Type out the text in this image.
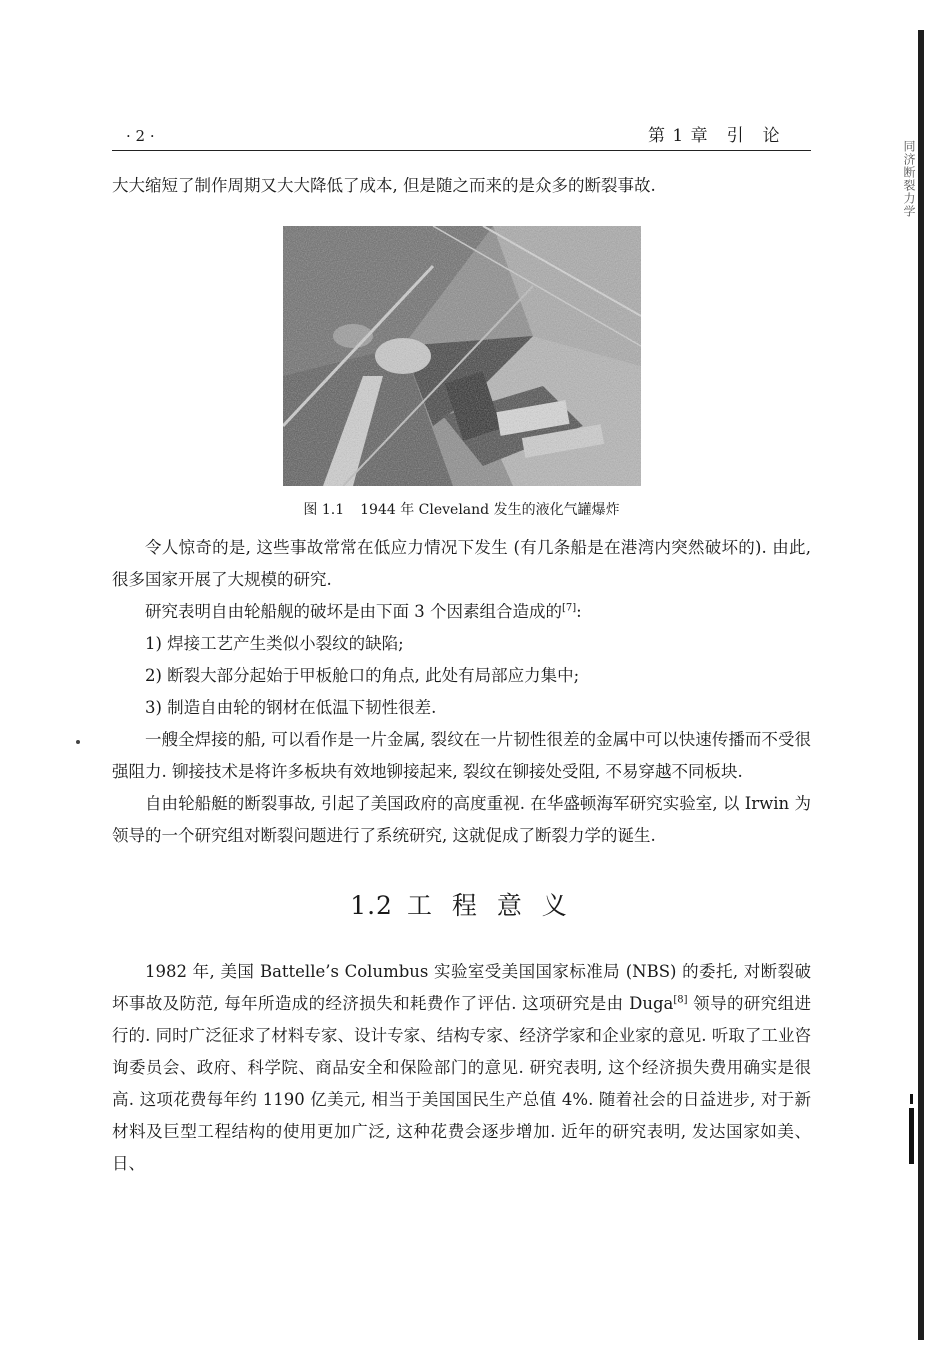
· 2 ·	第 1 章　引　论
同济断裂力学

大大缩短了制作周期又大大降低了成本, 但是随之而来的是众多的断裂事故.

图 1.1 1944 年 Cleveland 发生的液化气罐爆炸

令人惊奇的是, 这些事故常常在低应力情况下发生 (有几条船是在港湾内突然破坏的). 由此, 很多国家开展了大规模的研究.

研究表明自由轮船舰的破坏是由下面 3 个因素组合造成的[7]:

1) 焊接工艺产生类似小裂纹的缺陷;

2) 断裂大部分起始于甲板舱口的角点, 此处有局部应力集中;

3) 制造自由轮的钢材在低温下韧性很差.

一艘全焊接的船, 可以看作是一片金属, 裂纹在一片韧性很差的金属中可以快速传播而不受很强阻力. 铆接技术是将许多板块有效地铆接起来, 裂纹在铆接处受阻, 不易穿越不同板块.

自由轮船艇的断裂事故, 引起了美国政府的高度重视. 在华盛顿海军研究实验室, 以 Irwin 为领导的一个研究组对断裂问题进行了系统研究, 这就促成了断裂力学的诞生.

1.2 工 程 意 义

1982 年, 美国 Battelle’s Columbus 实验室受美国国家标准局 (NBS) 的委托, 对断裂破坏事故及防范, 每年所造成的经济损失和耗费作了评估. 这项研究是由 Duga[8] 领导的研究组进行的. 同时广泛征求了材料专家、设计专家、结构专家、经济学家和企业家的意见. 听取了工业咨询委员会、政府、科学院、商品安全和保险部门的意见. 研究表明, 这个经济损失费用确实是很高. 这项花费每年约 1190 亿美元, 相当于美国国民生产总值 4%. 随着社会的日益进步, 对于新材料及巨型工程结构的使用更加广泛, 这种花费会逐步增加. 近年的研究表明, 发达国家如美、日、
